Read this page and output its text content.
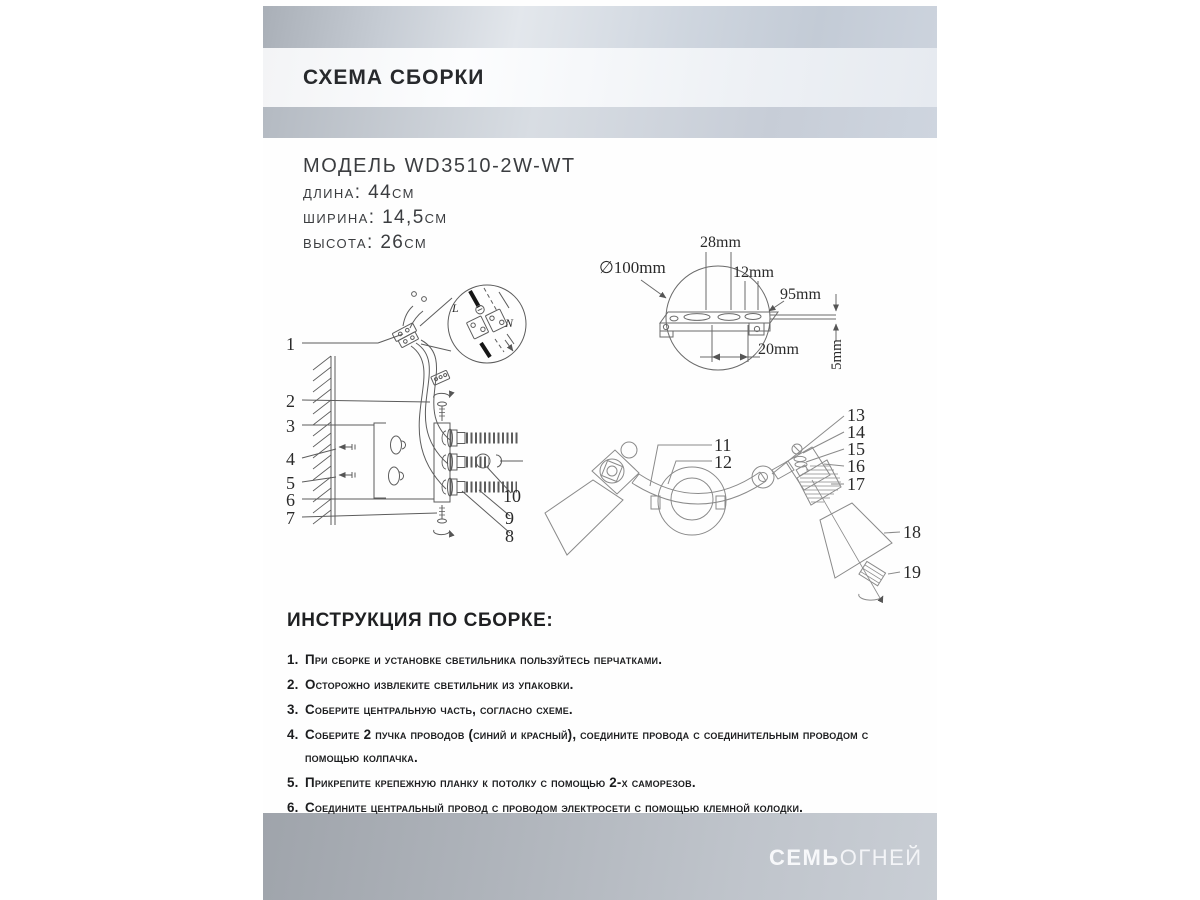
СХЕМА СБОРКИ
МОДЕЛЬ WD3510-2W-WT
длина: 44см
ширина: 14,5см
высота: 26см
∅100mm
28mm
12mm
95mm
20mm 5mm
L
N
1
2
3
4
5
6
7
8
9
10
11
12
13
14
15
16
17
18
19
ИНСТРУКЦИЯ ПО СБОРКЕ:
1. При сборке и установке светильника пользуйтесь перчатками.
2. Осторожно извлеките светильник из упаковки.
3. Соберите центральную часть, согласно схеме.
4. Соберите 2 пучка проводов (синий и красный), соедините провода с соединительным проводом с помощью колпачка.
5. Прикрепите крепежную планку к потолку с помощью 2-х саморезов.
6. Соедините центральный провод с проводом электросети с помощью клемной колодки.
СЕМЬОГНЕЙ
